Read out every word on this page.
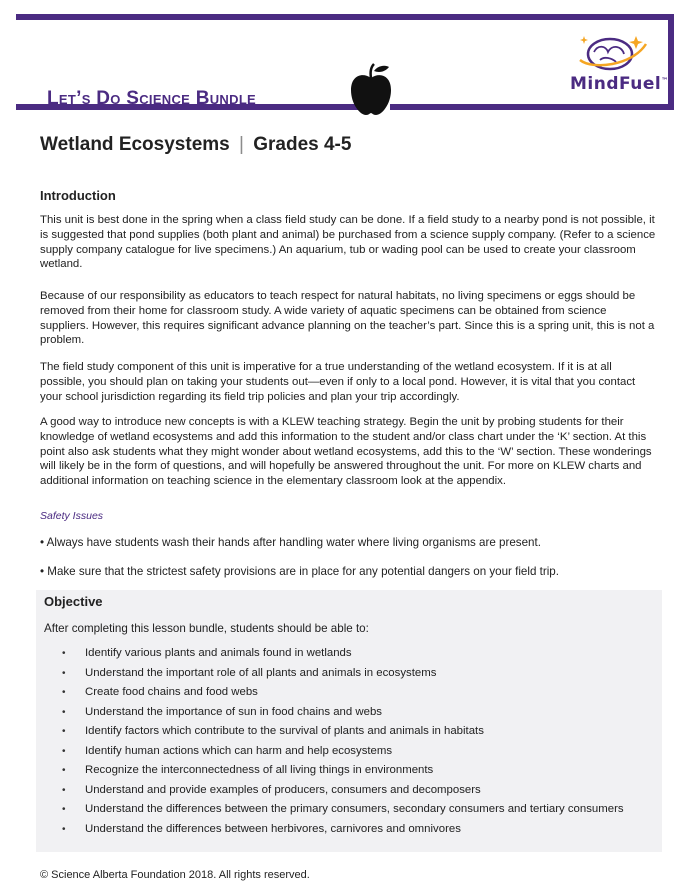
Let’s Do Science Bundle
MindFuel™
Wetland Ecosystems | Grades 4-5
Introduction

This unit is best done in the spring when a class field study can be done. If a field study to a nearby pond is not possible, it is suggested that pond supplies (both plant and animal) be purchased from a science supply company. (Refer to a science supply company catalogue for live specimens.) An aquarium, tub or wading pool can be used to create your classroom wetland.

Because of our responsibility as educators to teach respect for natural habitats, no living specimens or eggs should be removed from their home for classroom study. A wide variety of aquatic specimens can be obtained from science suppliers. However, this requires significant advance planning on the teacher’s part. Since this is a spring unit, this is not a problem.

The field study component of this unit is imperative for a true understanding of the wetland ecosystem. If it is at all possible, you should plan on taking your students out—even if only to a local pond. However, it is vital that you contact your school jurisdiction regarding its field trip policies and plan your trip accordingly.

A good way to introduce new concepts is with a KLEW teaching strategy. Begin the unit by probing students for their knowledge of wetland ecosystems and add this information to the student and/or class chart under the ‘K’ section. At this point also ask students what they might wonder about wetland ecosystems, add this to the ‘W’ section. These wonderings will likely be in the form of questions, and will hopefully be answered throughout the unit. For more on KLEW charts and additional information on teaching science in the elementary classroom look at the appendix.

Safety Issues
• Always have students wash their hands after handling water where living organisms are present.
• Make sure that the strictest safety provisions are in place for any potential dangers on your field trip.
Objective
After completing this lesson bundle, students should be able to:
• Identify various plants and animals found in wetlands
• Understand the important role of all plants and animals in ecosystems
• Create food chains and food webs
• Understand the importance of sun in food chains and webs
• Identify factors which contribute to the survival of plants and animals in habitats
• Identify human actions which can harm and help ecosystems
• Recognize the interconnectedness of all living things in environments
• Understand and provide examples of producers, consumers and decomposers
• Understand the differences between the primary consumers, secondary consumers and tertiary consumers
• Understand the differences between herbivores, carnivores and omnivores
© Science Alberta Foundation 2018. All rights reserved.
